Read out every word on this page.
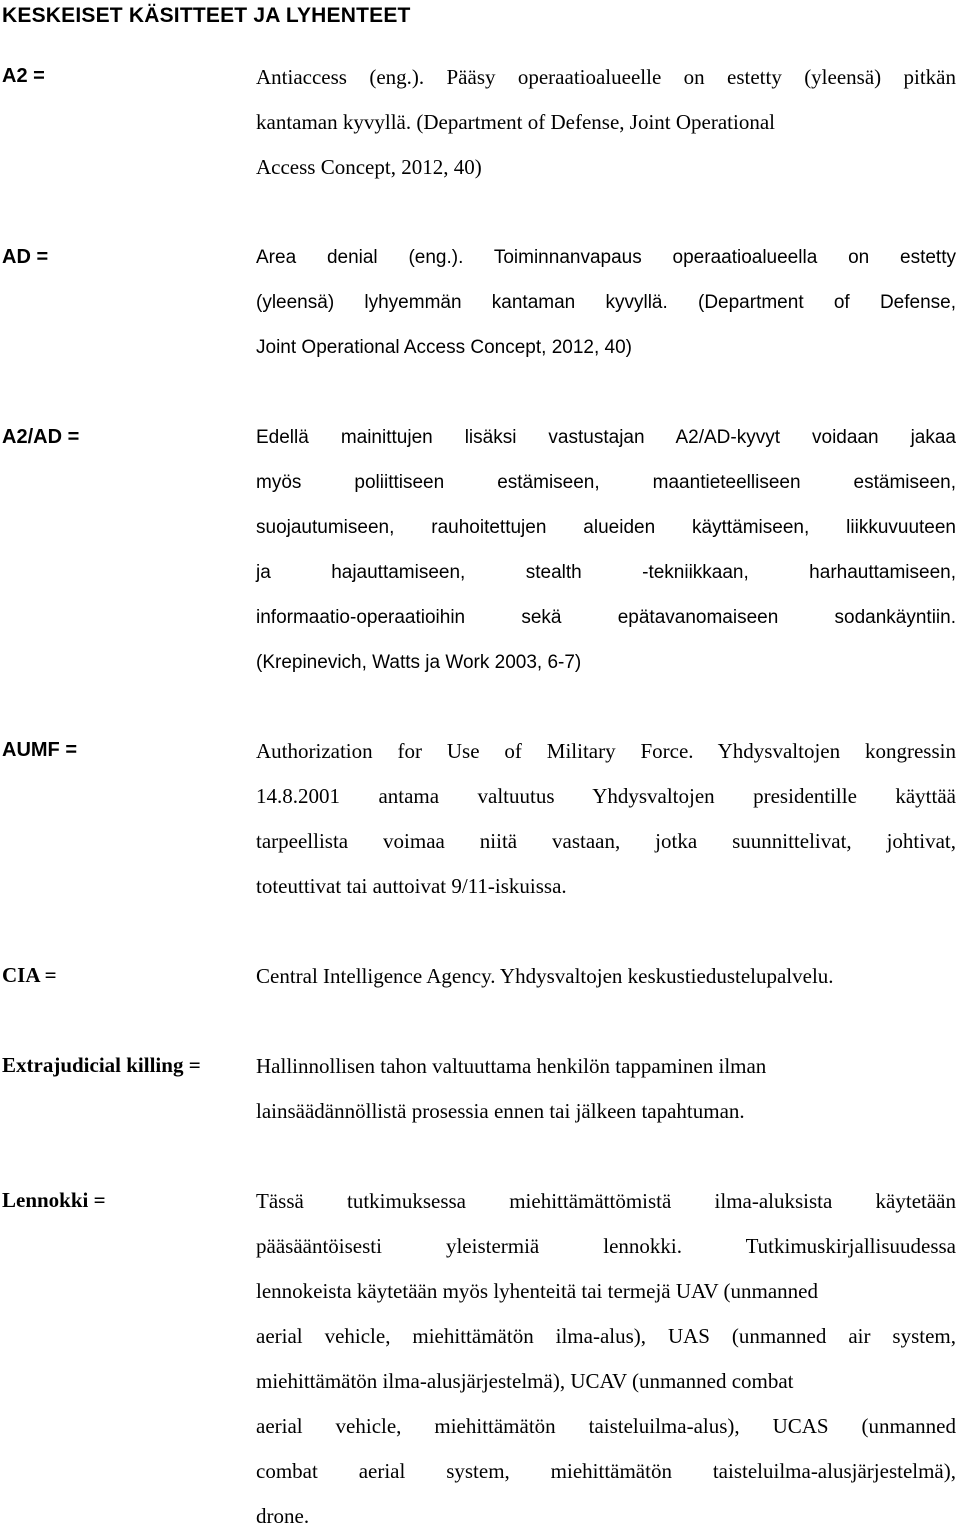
KESKEISET KÄSITTEET JA LYHENTEET
A2 =	Antiaccess (eng.). Pääsy operaatioalueelle on estetty (yleensä) pitkän
kantaman kyvyllä. (Department of Defense, Joint Operational
Access Concept, 2012, 40)
AD =	Area denial (eng.). Toiminnanvapaus operaatioalueella on estetty
(yleensä) lyhyemmän kantaman kyvyllä. (Department of Defense,
Joint Operational Access Concept, 2012, 40)
A2/AD =	Edellä mainittujen lisäksi vastustajan A2/AD-kyvyt voidaan jakaa
myös poliittiseen estämiseen, maantieteelliseen estämiseen,
suojautumiseen, rauhoitettujen alueiden käyttämiseen, liikkuvuuteen
ja hajauttamiseen, stealth -tekniikkaan, harhauttamiseen,
informaatio-operaatioihin sekä epätavanomaiseen sodankäyntiin.
(Krepinevich, Watts ja Work 2003, 6-7)
AUMF =	Authorization for Use of Military Force. Yhdysvaltojen kongressin
14.8.2001 antama valtuutus Yhdysvaltojen presidentille käyttää
tarpeellista voimaa niitä vastaan, jotka suunnittelivat, johtivat,
toteuttivat tai auttoivat 9/11-iskuissa.
CIA =	Central Intelligence Agency. Yhdysvaltojen keskustiedustelupalvelu.
Extrajudicial killing =	Hallinnollisen tahon valtuuttama henkilön tappaminen ilman
lainsäädännöllistä prosessia ennen tai jälkeen tapahtuman.
Lennokki =	Tässä tutkimuksessa miehittämättömistä ilma-aluksista käytetään
pääsääntöisesti yleistermiä lennokki. Tutkimuskirjallisuudessa
lennokeista käytetään myös lyhenteitä tai termejä UAV (unmanned
aerial vehicle, miehittämätön ilma-alus), UAS (unmanned air system,
miehittämätön ilma-alusjärjestelmä), UCAV (unmanned combat
aerial vehicle, miehittämätön taisteluilma-alus), UCAS (unmanned
combat aerial system, miehittämätön taisteluilma-alusjärjestelmä),
drone.
